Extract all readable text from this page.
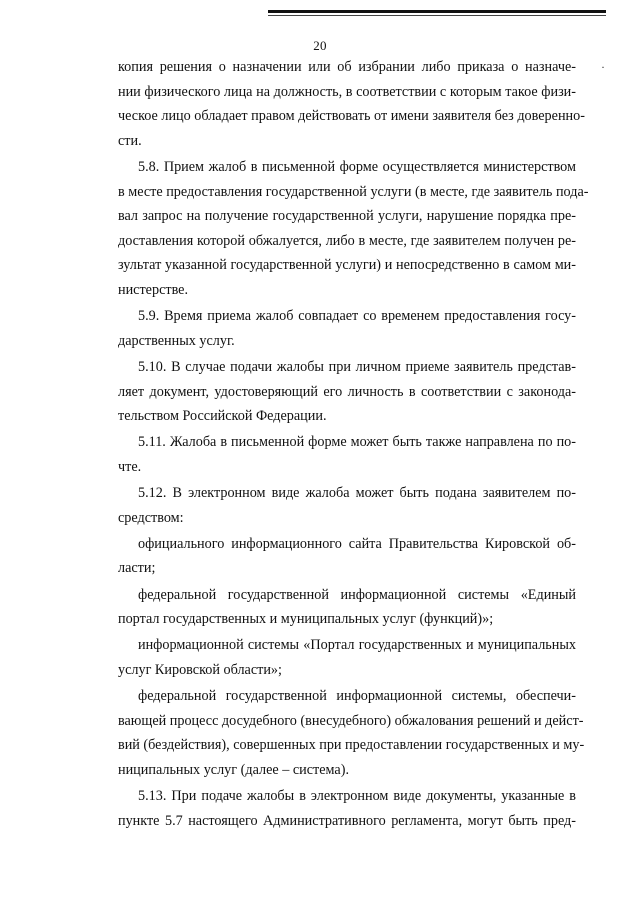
20
·
копия решения о назначении или об избрании либо приказа о назначе-
нии физического лица на должность, в соответствии с которым такое физи-
ческое лицо обладает правом действовать от имени заявителя без доверенно-
сти.
5.8. Прием жалоб в письменной форме осуществляется министерством
в месте предоставления государственной услуги (в месте, где заявитель пода-
вал запрос на получение государственной услуги, нарушение порядка пре-
доставления которой обжалуется, либо в месте, где заявителем получен ре-
зультат указанной государственной услуги) и непосредственно в самом ми-
нистерстве.
5.9. Время приема жалоб совпадает со временем предоставления госу-
дарственных услуг.
5.10. В случае подачи жалобы при личном приеме заявитель представ-
ляет документ, удостоверяющий его личность в соответствии с законода-
тельством Российской Федерации.
5.11. Жалоба в письменной форме может быть также направлена по по-
чте.
5.12. В электронном виде жалоба может быть подана заявителем по-
средством:
официального информационного сайта Правительства Кировской об-
ласти;
федеральной государственной информационной системы «Единый
портал государственных и муниципальных услуг (функций)»;
информационной системы «Портал государственных и муниципальных
услуг Кировской области»;
федеральной государственной информационной системы, обеспечи-
вающей процесс досудебного (внесудебного) обжалования решений и дейст-
вий (бездействия), совершенных при предоставлении государственных и му-
ниципальных услуг (далее – система).
5.13. При подаче жалобы в электронном виде документы, указанные в
пункте 5.7 настоящего Административного регламента, могут быть пред-
